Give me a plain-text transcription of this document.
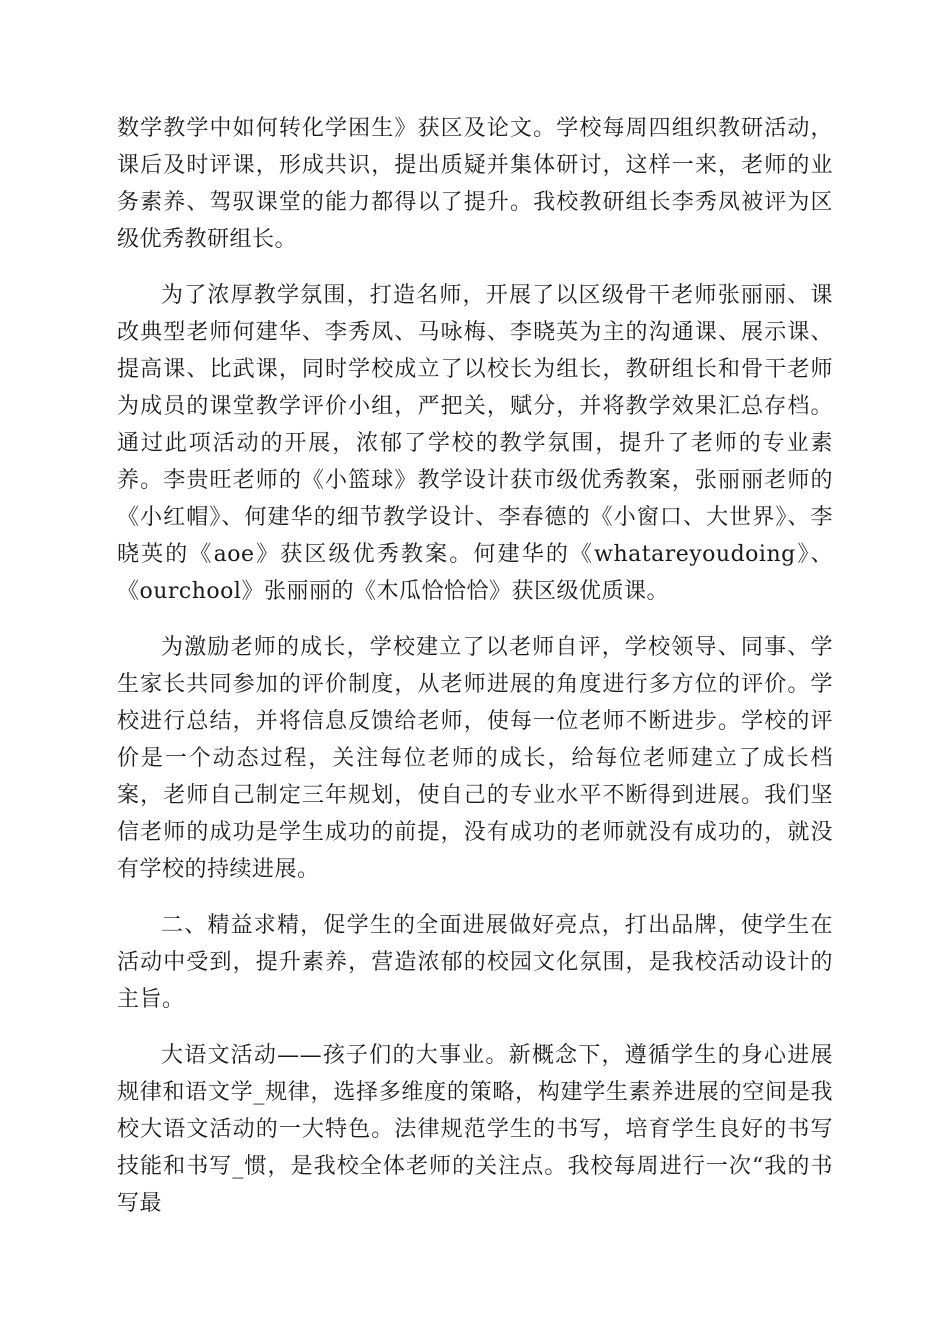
数学教学中如何转化学困生》获区及论文。学校每周四组织教研活动，课后及时评课，形成共识，提出质疑并集体研讨，这样一来，老师的业务素养、驾驭课堂的能力都得以了提升。我校教研组长李秀凤被评为区级优秀教研组长。

为了浓厚教学氛围，打造名师，开展了以区级骨干老师张丽丽、课改典型老师何建华、李秀凤、马咏梅、李晓英为主的沟通课、展示课、提高课、比武课，同时学校成立了以校长为组长，教研组长和骨干老师为成员的课堂教学评价小组，严把关，赋分，并将教学效果汇总存档。通过此项活动的开展，浓郁了学校的教学氛围，提升了老师的专业素养。李贵旺老师的《小篮球》教学设计获市级优秀教案，张丽丽老师的《小红帽》、何建华的细节教学设计、李春德的《小窗口、大世界》、李晓英的《aoe》获区级优秀教案。何建华的《whatareyoudoing》、《ourchool》张丽丽的《木瓜恰恰恰》获区级优质课。

为激励老师的成长，学校建立了以老师自评，学校领导、同事、学生家长共同参加的评价制度，从老师进展的角度进行多方位的评价。学校进行总结，并将信息反馈给老师，使每一位老师不断进步。学校的评价是一个动态过程，关注每位老师的成长，给每位老师建立了成长档案，老师自己制定三年规划，使自己的专业水平不断得到进展。我们坚信老师的成功是学生成功的前提，没有成功的老师就没有成功的，就没有学校的持续进展。

二、精益求精，促学生的全面进展做好亮点，打出品牌，使学生在活动中受到，提升素养，营造浓郁的校园文化氛围，是我校活动设计的主旨。

大语文活动——孩子们的大事业。新概念下，遵循学生的身心进展规律和语文学_规律，选择多维度的策略，构建学生素养进展的空间是我校大语文活动的一大特色。法律规范学生的书写，培育学生良好的书写技能和书写_惯，是我校全体老师的关注点。我校每周进行一次“我的书写最
